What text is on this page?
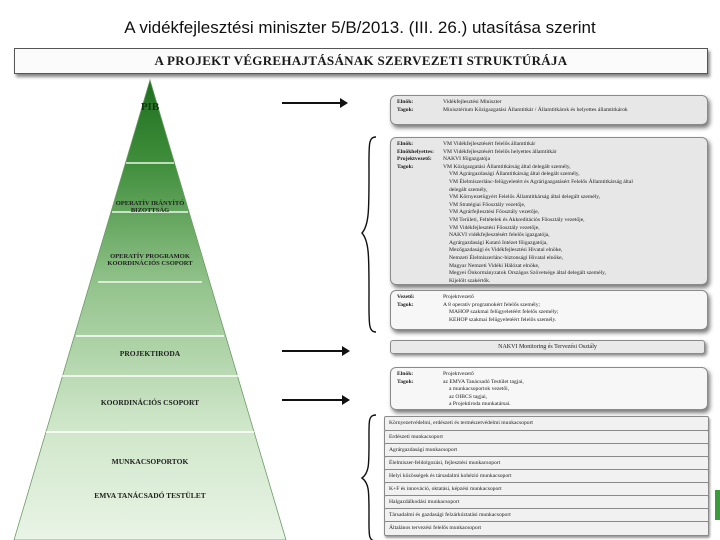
A vidékfejlesztési miniszter 5/B/2013. (III. 26.) utasítása szerint
A PROJEKT VÉGREHAJTÁSÁNAK SZERVEZETI STRUKTÚRÁJA
PIB
OPERATÍV IRÁNYÍTÓ BIZOTTSÁG
OPERATÍV PROGRAMOK KOORDINÁCIÓS CSOPORT
PROJEKTIRODA
KOORDINÁCIÓS CSOPORT
MUNKACSOPORTOK
EMVA TANÁCSADÓ TESTÜLET
Elnök:	Vidékfejlesztési Miniszter
Tagok:	Minisztérium Közigazgatási Államtitkár / Államtitkárok és helyettes államtitkárok
Elnök:	VM Vidékfejlesztésért felelős államtitkár
Elnökhelyettes:	VM Vidékfejlesztésért felelős helyettes államtitkár
Projektvezető:	NAKVI főigazgatója
Tagok:	VM Közigazgatási Államtitkárság által delegált személy,
VM Agrárgazdasági Államtitkárság által delegált személy,
VM Élelmiszerlánc-felügyeletért és Agrárigazgatásért Felelős Államtitkárság által
delegált személy,
VM Környezetügyért Felelős Államtitkárság által delegált személy,
VM Stratégiai Főosztály vezetője,
VM Agrárfejlesztési Főosztály vezetője,
VM Területi, Feltételek és Akkreditációs Főosztály vezetője,
VM Vidékfejlesztési Főosztály vezetője,
NAKVI vidékfejlesztésért felelős igazgatója,
Agrárgazdasági Kutató Intézet főigazgatója,
Mezőgazdasági és Vidékfejlesztési Hivatal elnöke,
Nemzeti Élelmiszerlánc-biztonsági Hivatal elnöke,
Magyar Nemzeti Vidéki Hálózat elnöke,
Megyei Önkormányzatok Országos Szövetsége által delegált személy,
Kijelölt szakértők.
Vezető:	Projektvezető
Tagok:	A 8 operatív programokért felelős személy;
MAHOP szakmai felügyeletéért felelős személy;
KEHOP szakmai felügyeletéért felelős személy.
NAKVI Monitoring és Tervezési Osztály
Elnök:	Projektvezető
Tagok:	az EMVA Tanácsadó Testület tagjai,
a munkacsoportok vezetői,
az OIBCS tagjai,
a Projektiroda munkatársai.
Környezetvédelmi, erdészeti és természetvédelmi munkacsoport
Erdészeti munkacsoport
Agrárgazdasági munkacsoport
Élelmiszer-feldolgozási, fejlesztési munkacsoport
Helyi közösségek és társadalmi kohézió munkacsoport
K+F és innováció, oktatási, képzési munkacsoport
Halgazdálkodási munkacsoport
Társadalmi és gazdasági felzárkóztatási munkacsoport
Általános tervezési felelős munkacsoport
